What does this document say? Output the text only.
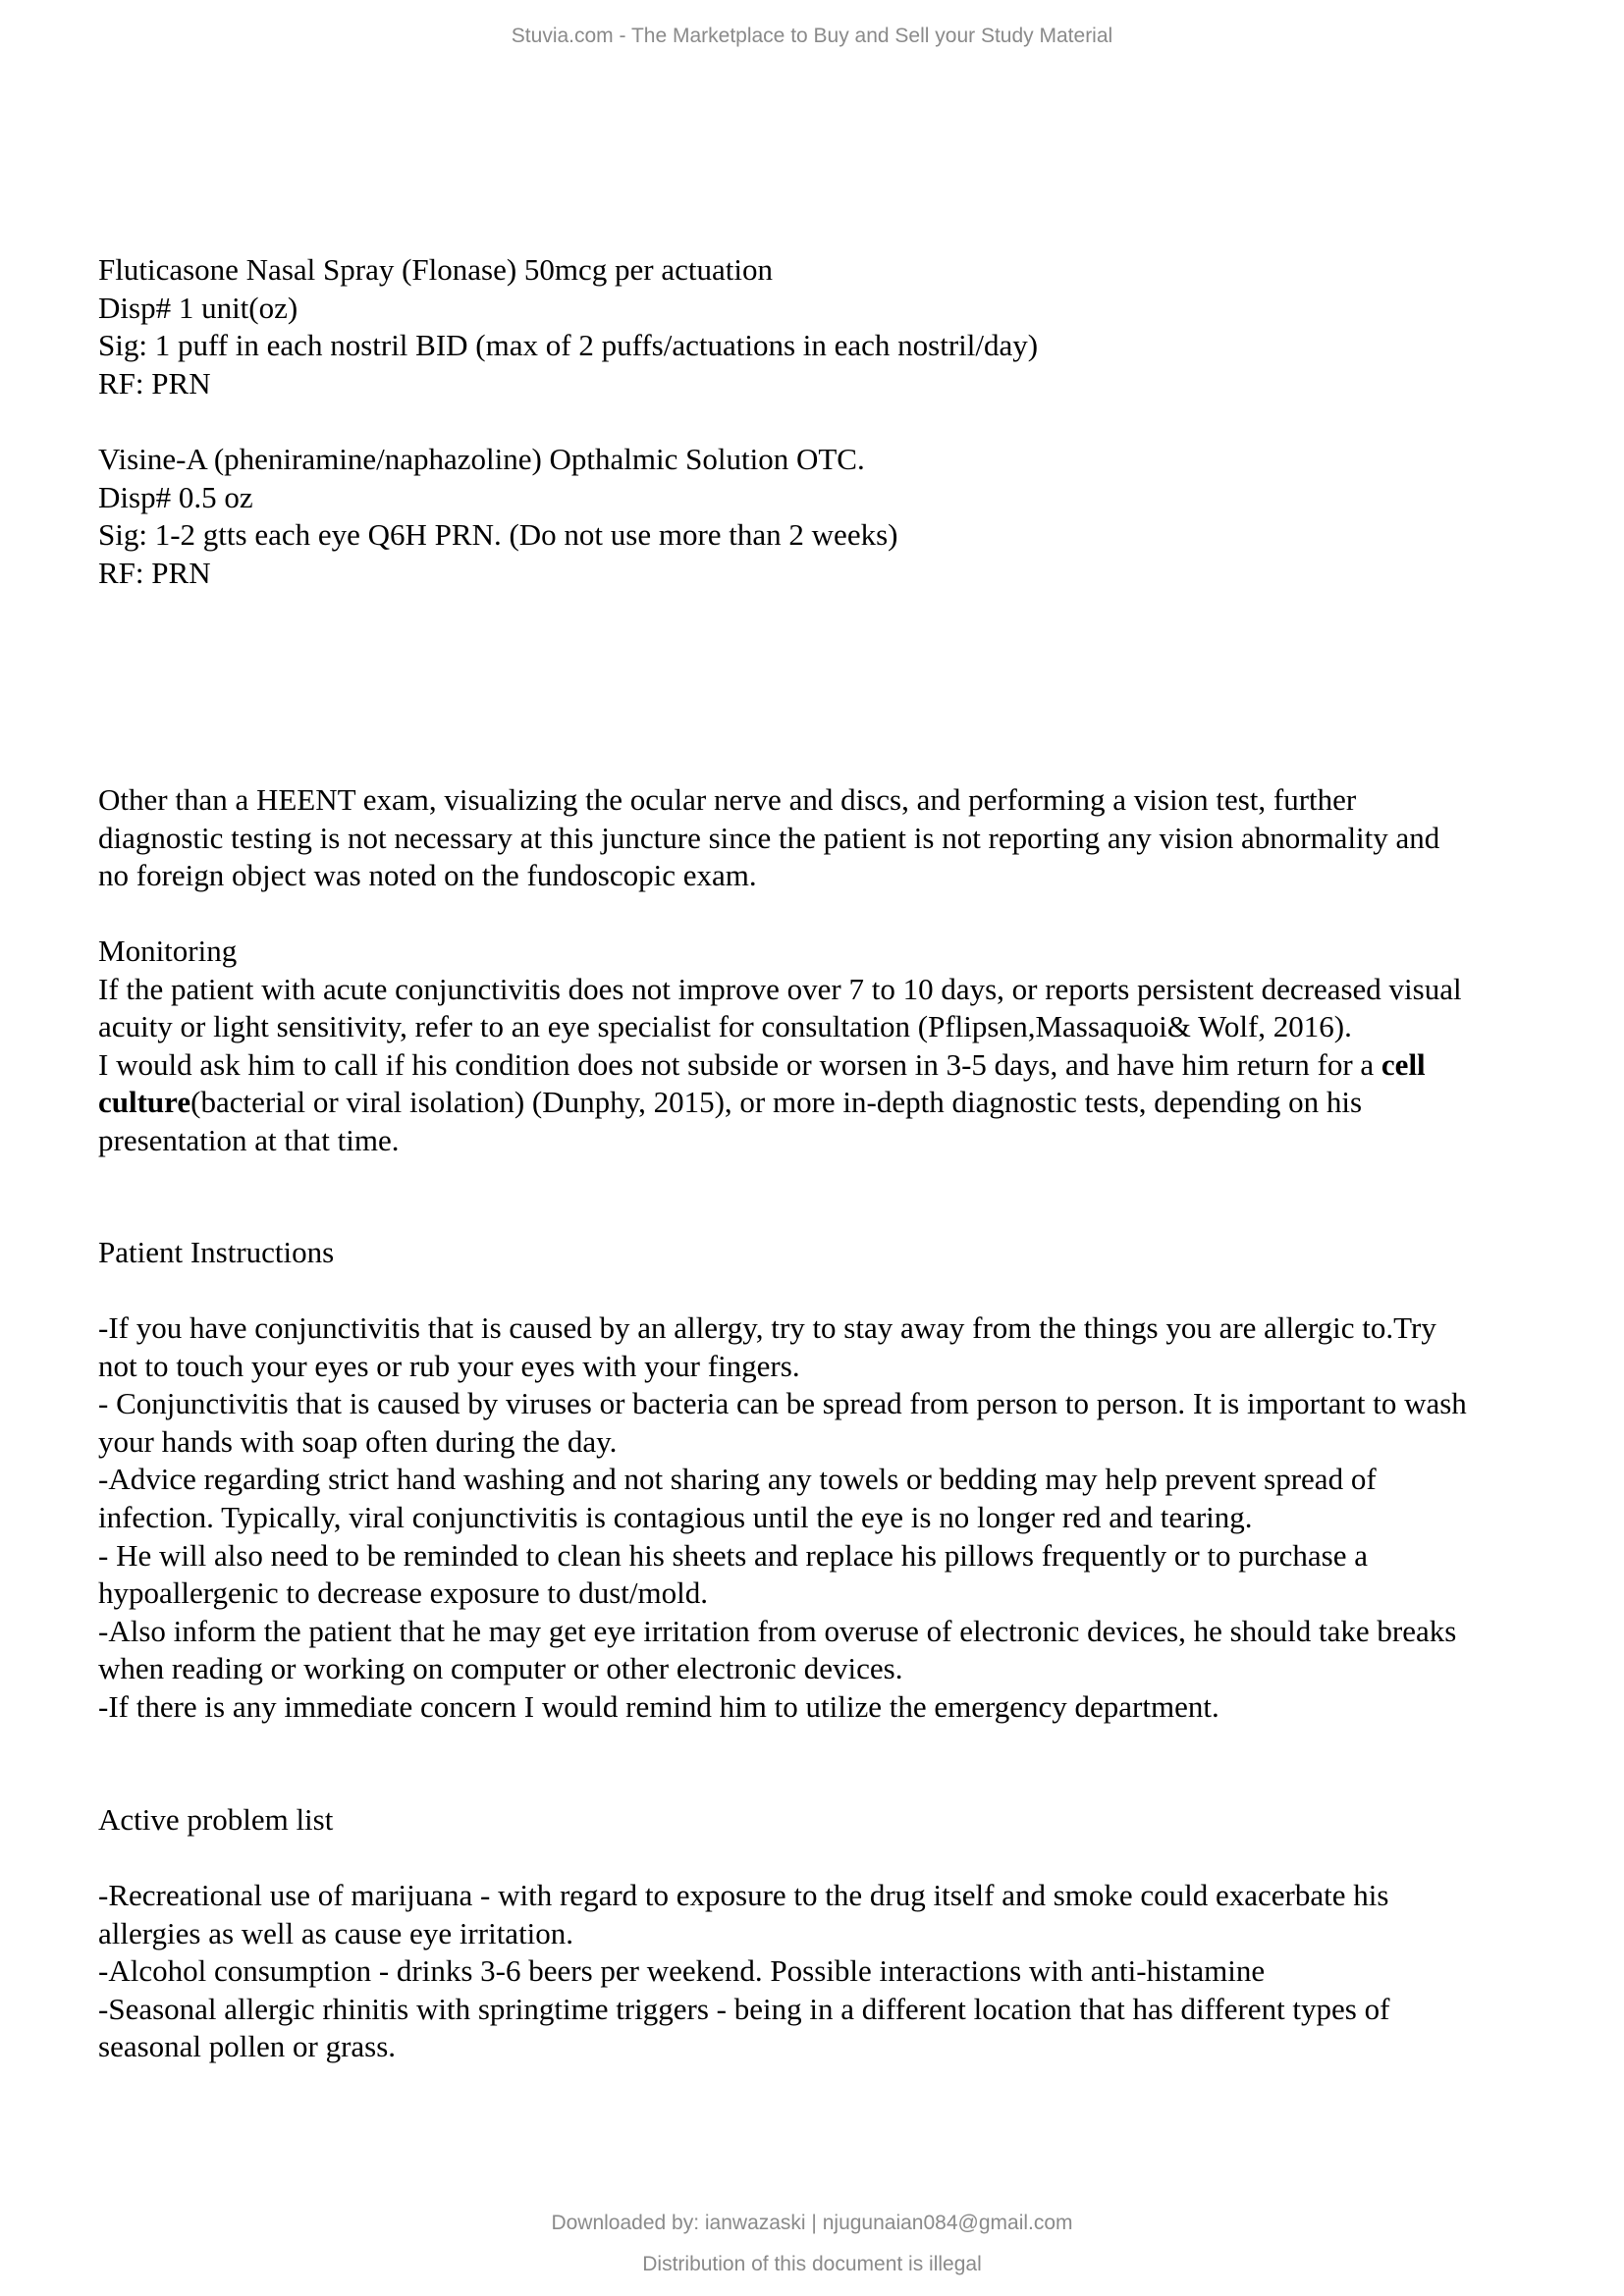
Stuvia.com - The Marketplace to Buy and Sell your Study Material
Fluticasone Nasal Spray (Flonase) 50mcg per actuation
Disp# 1 unit(oz)
Sig: 1 puff in each nostril BID (max of 2 puffs/actuations in each nostril/day)
RF: PRN
Visine-A (pheniramine/naphazoline) Opthalmic Solution OTC.
Disp# 0.5 oz
Sig: 1-2 gtts each eye Q6H PRN. (Do not use more than 2 weeks)
RF: PRN
Other than a HEENT exam, visualizing the ocular nerve and discs, and performing a vision test, further
diagnostic testing is not necessary at this juncture since the patient is not reporting any vision abnormality and
no foreign object was noted on the fundoscopic exam.
Monitoring
If the patient with acute conjunctivitis does not improve over 7 to 10 days, or reports persistent decreased visual
acuity or light sensitivity, refer to an eye specialist for consultation (Pflipsen,Massaquoi& Wolf, 2016).
I would ask him to call if his condition does not subside or worsen in 3-5 days, and have him return for a cell
culture(bacterial or viral isolation) (Dunphy, 2015), or more in-depth diagnostic tests, depending on his
presentation at that time.
Patient Instructions
-If you have conjunctivitis that is caused by an allergy, try to stay away from the things you are allergic to.Try
not to touch your eyes or rub your eyes with your fingers.
- Conjunctivitis that is caused by viruses or bacteria can be spread from person to person. It is important to wash
your hands with soap often during the day.
-Advice regarding strict hand washing and not sharing any towels or bedding may help prevent spread of
infection. Typically, viral conjunctivitis is contagious until the eye is no longer red and tearing.
- He will also need to be reminded to clean his sheets and replace his pillows frequently or to purchase a
hypoallergenic to decrease exposure to dust/mold.
-Also inform the patient that he may get eye irritation from overuse of electronic devices, he should take breaks
when reading or working on computer or other electronic devices.
-If there is any immediate concern I would remind him to utilize the emergency department.
Active problem list
-Recreational use of marijuana - with regard to exposure to the drug itself and smoke could exacerbate his
allergies as well as cause eye irritation.
-Alcohol consumption - drinks 3-6 beers per weekend. Possible interactions with anti-histamine
-Seasonal allergic rhinitis with springtime triggers - being in a different location that has different types of
seasonal pollen or grass.
Downloaded by: ianwazaski | njugunaian084@gmail.com
Distribution of this document is illegal
